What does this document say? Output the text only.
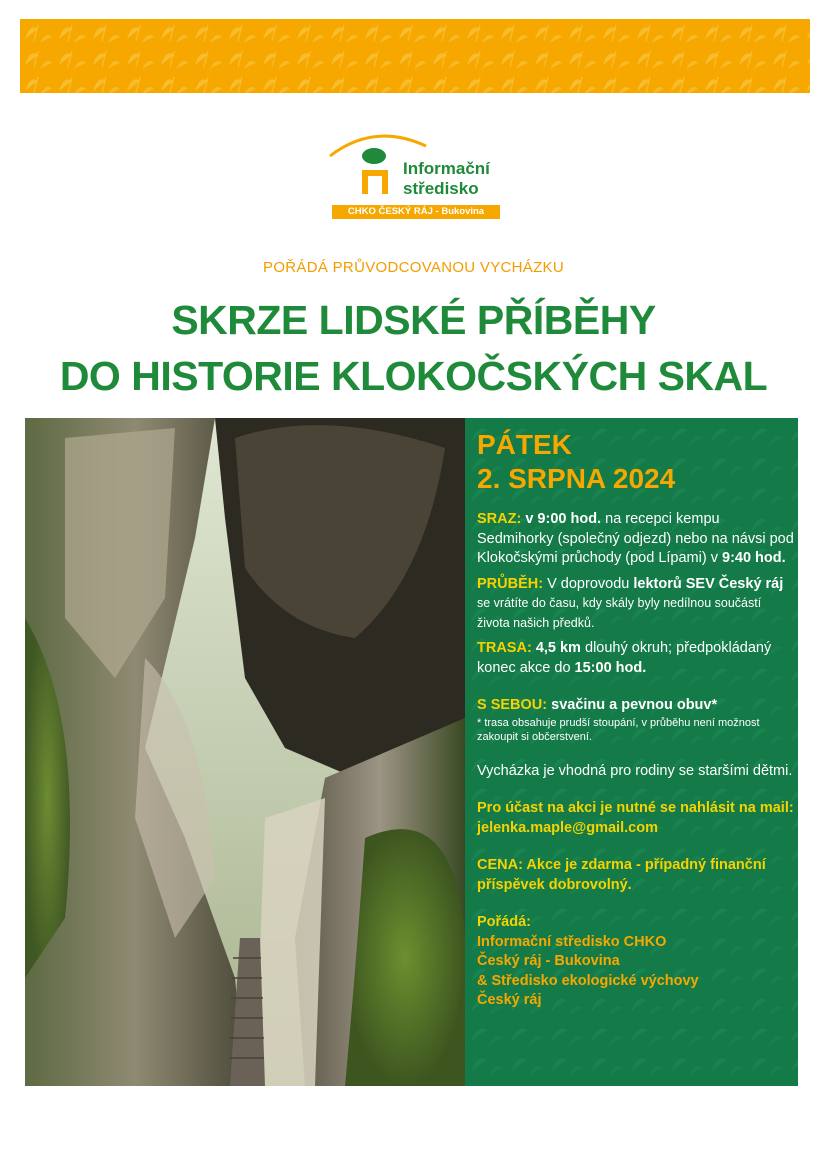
Informační
středisko
CHKO ČESKÝ RÁJ - Bukovina
POŘÁDÁ PRŮVODCOVANOU VYCHÁZKU
SKRZE LIDSKÉ PŘÍBĚHY
DO HISTORIE KLOKOČSKÝCH SKAL
PÁTEK
2. SRPNA 2024

SRAZ: v 9:00 hod. na recepci kempu Sedmihorky (společný odjezd) nebo na návsi pod Klokočskými průchody (pod Lípami) v 9:40 hod.

PRŮBĚH: V doprovodu lektorů SEV Český ráj se vrátíte do času, kdy skály byly nedílnou součástí života našich předků.

TRASA: 4,5 km dlouhý okruh; předpokládaný konec akce do 15:00 hod.

S SEBOU: svačinu a pevnou obuv*

* trasa obsahuje prudší stoupání, v průběhu není možnost zakoupit si občerstvení.

Vycházka je vhodná pro rodiny se staršími dětmi.

Pro účast na akci je nutné se nahlásit na mail: jelenka.maple@gmail.com

CENA: Akce je zdarma - případný finanční příspěvek dobrovolný.

Pořádá:

Informační středisko CHKO

Český ráj - Bukovina

& Středisko ekologické výchovy

Český ráj
